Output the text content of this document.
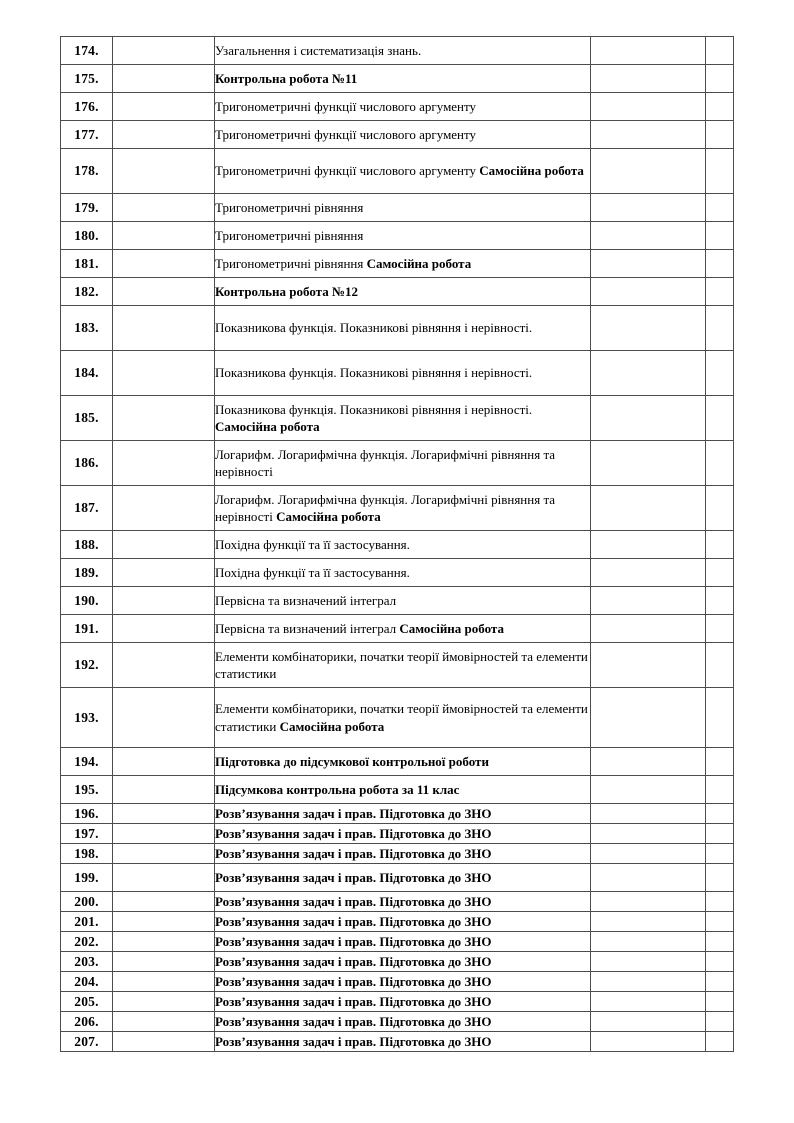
174.		Узагальнення і систематизація знань.		
175.		Контрольна робота №11		
176.		Тригонометричні функції числового аргументу		
177.		Тригонометричні функції числового аргументу		
178.		Тригонометричні функції числового аргументу Самосійна робота		
179.		Тригонометричні рівняння		
180.		Тригонометричні рівняння		
181.		Тригонометричні рівняння Самосійна робота		
182.		Контрольна робота №12		
183.		Показникова функція. Показникові рівняння і нерівності.		
184.		Показникова функція. Показникові рівняння і нерівності.		
185.		Показникова функція. Показникові рівняння і нерівності. Самосійна робота		
186.		Логарифм. Логарифмічна функція. Логарифмічні рівняння та нерівності		
187.		Логарифм. Логарифмічна функція. Логарифмічні рівняння та нерівності Самосійна робота		
188.		Похідна функції та її застосування.		
189.		Похідна функції та її застосування.		
190.		Первісна та визначений інтеграл		
191.		Первісна та визначений інтеграл Самосійна робота		
192.		Елементи комбінаторики, початки теорії ймовірностей та елементи статистики		
193.		Елементи комбінаторики, початки теорії ймовірностей та елементи статистики Самосійна робота		
194.		Підготовка до підсумкової контрольної роботи		
195.		Підсумкова контрольна робота за 11 клас		
196.		Розв’язування задач і прав. Підготовка до ЗНО		
197.		Розв’язування задач і прав. Підготовка до ЗНО		
198.		Розв’язування задач і прав. Підготовка до ЗНО		
199.		Розв’язування задач і прав. Підготовка до ЗНО		
200.		Розв’язування задач і прав. Підготовка до ЗНО		
201.		Розв’язування задач і прав. Підготовка до ЗНО		
202.		Розв’язування задач і прав. Підготовка до ЗНО		
203.		Розв’язування задач і прав. Підготовка до ЗНО		
204.		Розв’язування задач і прав. Підготовка до ЗНО		
205.		Розв’язування задач і прав. Підготовка до ЗНО		
206.		Розв’язування задач і прав. Підготовка до ЗНО		
207.		Розв’язування задач і прав. Підготовка до ЗНО		
